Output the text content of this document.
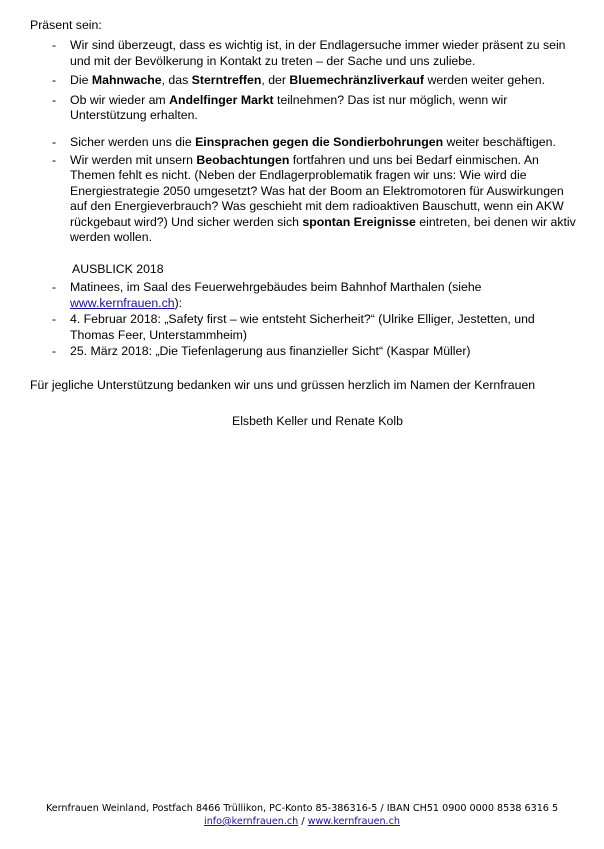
Präsent sein:
- Wir sind überzeugt, dass es wichtig ist, in der Endlagersuche immer wieder präsent zu sein und mit der Bevölkerung in Kontakt zu treten – der Sache und uns zuliebe.
- Die Mahnwache, das Sterntreffen, der Bluemechränzliverkauf werden weiter gehen.
- Ob wir wieder am Andelfinger Markt teilnehmen? Das ist nur möglich, wenn wir Unterstützung erhalten.
- Sicher werden uns die Einsprachen gegen die Sondierbohrungen weiter beschäftigen.
- Wir werden mit unsern Beobachtungen fortfahren und uns bei Bedarf einmischen. An Themen fehlt es nicht. (Neben der Endlagerproblematik fragen wir uns: Wie wird die Energiestrategie 2050 umgesetzt? Was hat der Boom an Elektromotoren für Auswirkungen auf den Energieverbrauch? Was geschieht mit dem radioaktiven Bauschutt, wenn ein AKW rückgebaut wird?) Und sicher werden sich spontan Ereignisse eintreten, bei denen wir aktiv werden wollen.
AUSBLICK 2018
- Matinees, im Saal des Feuerwehrgebäudes beim Bahnhof Marthalen (siehe www.kernfrauen.ch):
- 4. Februar 2018: „Safety first – wie entsteht Sicherheit?“ (Ulrike Elliger, Jestetten, und Thomas Feer, Unterstammheim)
- 25. März 2018: „Die Tiefenlagerung aus finanzieller Sicht“ (Kaspar Müller)
Für jegliche Unterstützung bedanken wir uns und grüssen herzlich im Namen der Kernfrauen
Elsbeth Keller und Renate Kolb
Kernfrauen Weinland, Postfach 8466 Trüllikon, PC-Konto 85-386316-5 / IBAN CH51 0900 0000 8538 6316 5
info@kernfrauen.ch / www.kernfrauen.ch
